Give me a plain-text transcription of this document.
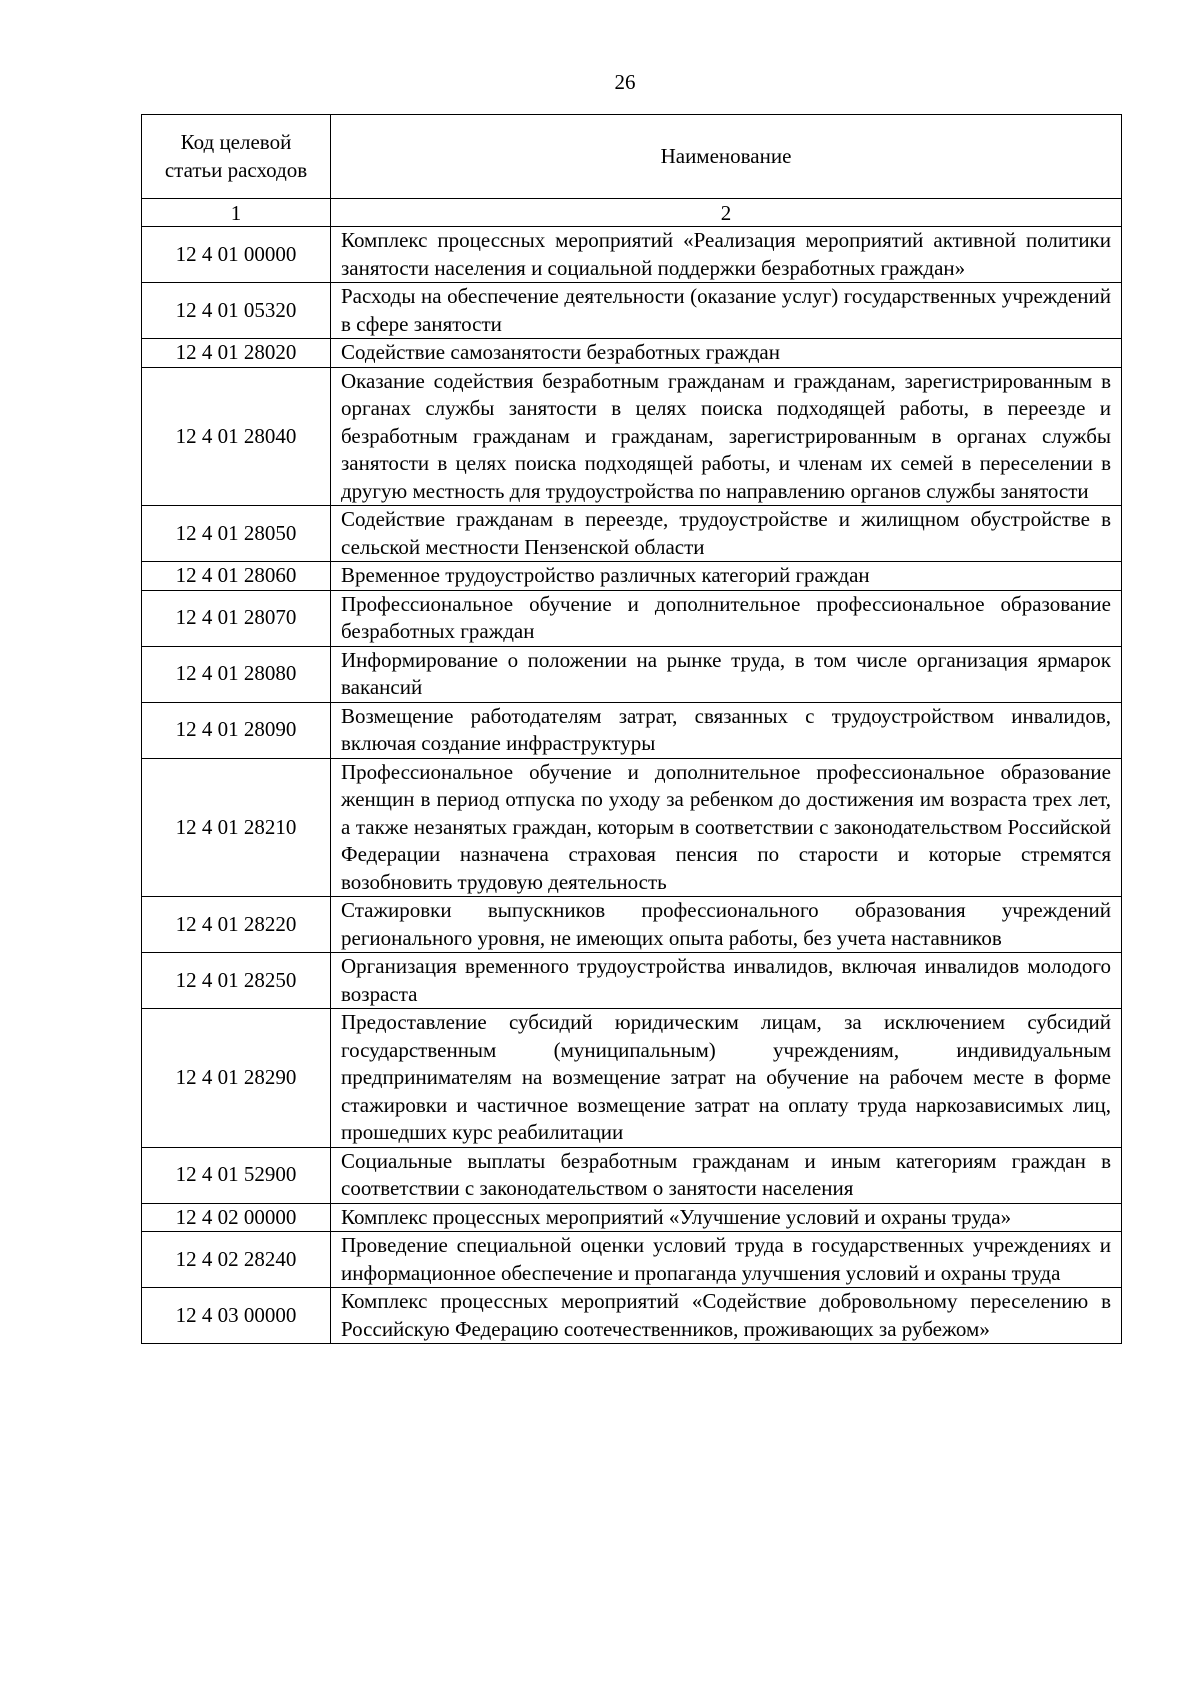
26
Код целевой статьи расходов	Наименование
1	2
12 4 01 00000	Комплекс процессных мероприятий «Реализация мероприятий активной политики занятости населения и социальной поддержки безработных граждан»
12 4 01 05320	Расходы на обеспечение деятельности (оказание услуг) государственных учреждений в сфере занятости
12 4 01 28020	Содействие самозанятости безработных граждан
12 4 01 28040	Оказание содействия безработным гражданам и гражданам, зарегистрированным в органах службы занятости в целях поиска подходящей работы, в переезде и безработным гражданам и гражданам, зарегистрированным в органах службы занятости в целях поиска подходящей работы, и членам их семей в переселении в другую местность для трудоустройства по направлению органов службы занятости
12 4 01 28050	Содействие гражданам в переезде, трудоустройстве и жилищном обустройстве в сельской местности Пензенской области
12 4 01 28060	Временное трудоустройство различных категорий граждан
12 4 01 28070	Профессиональное обучение и дополнительное профессиональное образование безработных граждан
12 4 01 28080	Информирование о положении на рынке труда, в том числе организация ярмарок вакансий
12 4 01 28090	Возмещение работодателям затрат, связанных с трудоустройством инвалидов, включая создание инфраструктуры
12 4 01 28210	Профессиональное обучение и дополнительное профессиональное образование женщин в период отпуска по уходу за ребенком до достижения им возраста трех лет, а также незанятых граждан, которым в соответствии с законодательством Российской Федерации назначена страховая пенсия по старости и которые стремятся возобновить трудовую деятельность
12 4 01 28220	Стажировки выпускников профессионального образования учреждений регионального уровня, не имеющих опыта работы, без учета наставников
12 4 01 28250	Организация временного трудоустройства инвалидов, включая инвалидов молодого возраста
12 4 01 28290	Предоставление субсидий юридическим лицам, за исключением субсидий государственным (муниципальным) учреждениям, индивидуальным предпринимателям на возмещение затрат на обучение на рабочем месте в форме стажировки и частичное возмещение затрат на оплату труда наркозависимых лиц, прошедших курс реабилитации
12 4 01 52900	Социальные выплаты безработным гражданам и иным категориям граждан в соответствии с законодательством о занятости населения
12 4 02 00000	Комплекс процессных мероприятий «Улучшение условий и охраны труда»
12 4 02 28240	Проведение специальной оценки условий труда в государственных учреждениях и информационное обеспечение и пропаганда улучшения условий и охраны труда
12 4 03 00000	Комплекс процессных мероприятий «Содействие добровольному переселению в Российскую Федерацию соотечественников, проживающих за рубежом»
